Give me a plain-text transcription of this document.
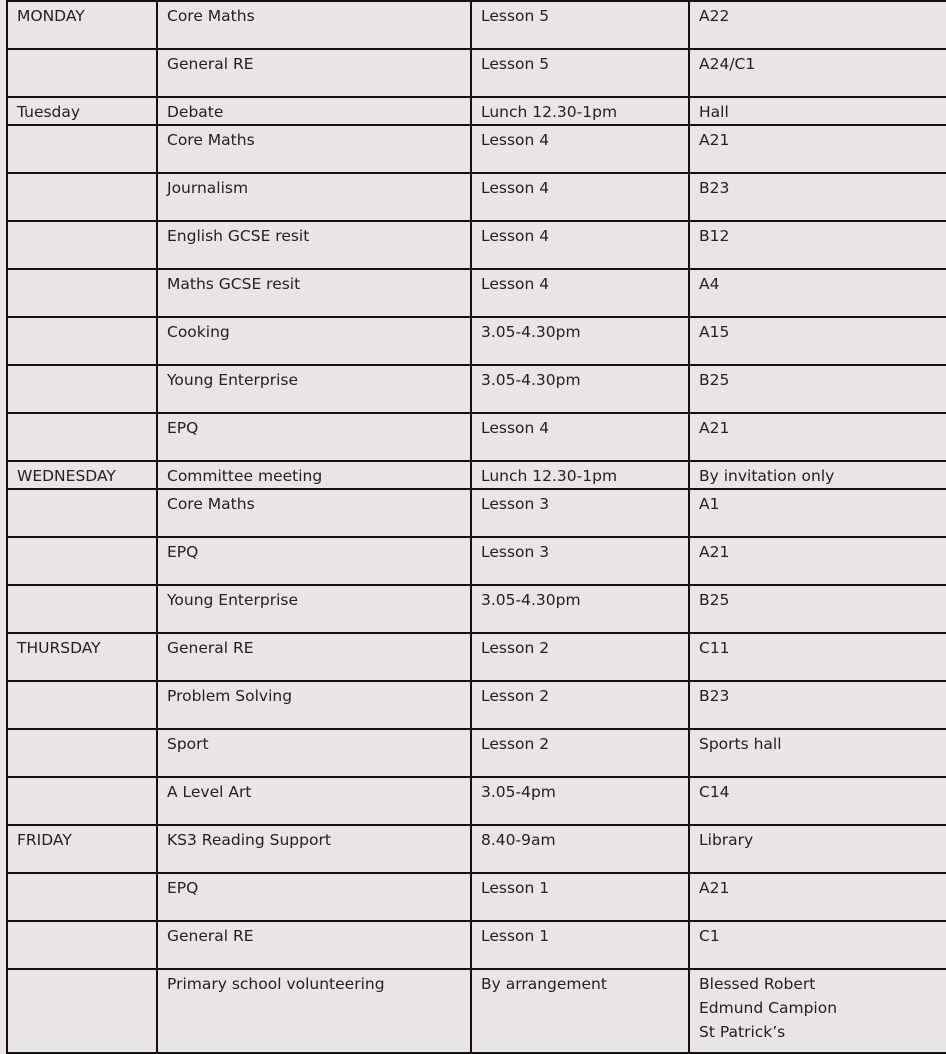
MONDAY	Core Maths	Lesson 5	A22
	General RE	Lesson 5	A24/C1
Tuesday	Debate	Lunch 12.30-1pm	Hall
	Core Maths	Lesson 4	A21
	Journalism	Lesson 4	B23
	English GCSE resit	Lesson 4	B12
	Maths GCSE resit	Lesson 4	A4
	Cooking	3.05-4.30pm	A15
	Young Enterprise	3.05-4.30pm	B25
	EPQ	Lesson 4	A21
WEDNESDAY	Committee meeting	Lunch 12.30-1pm	By invitation only
	Core Maths	Lesson 3	A1
	EPQ	Lesson 3	A21
	Young Enterprise	3.05-4.30pm	B25
THURSDAY	General RE	Lesson 2	C11
	Problem Solving	Lesson 2	B23
	Sport	Lesson 2	Sports hall
	A Level Art	3.05-4pm	C14
FRIDAY	KS3 Reading Support	8.40-9am	Library
	EPQ	Lesson 1	A21
	General RE	Lesson 1	C1
	Primary school volunteering	By arrangement	Blessed Robert
Edmund Campion
St Patrick’s
